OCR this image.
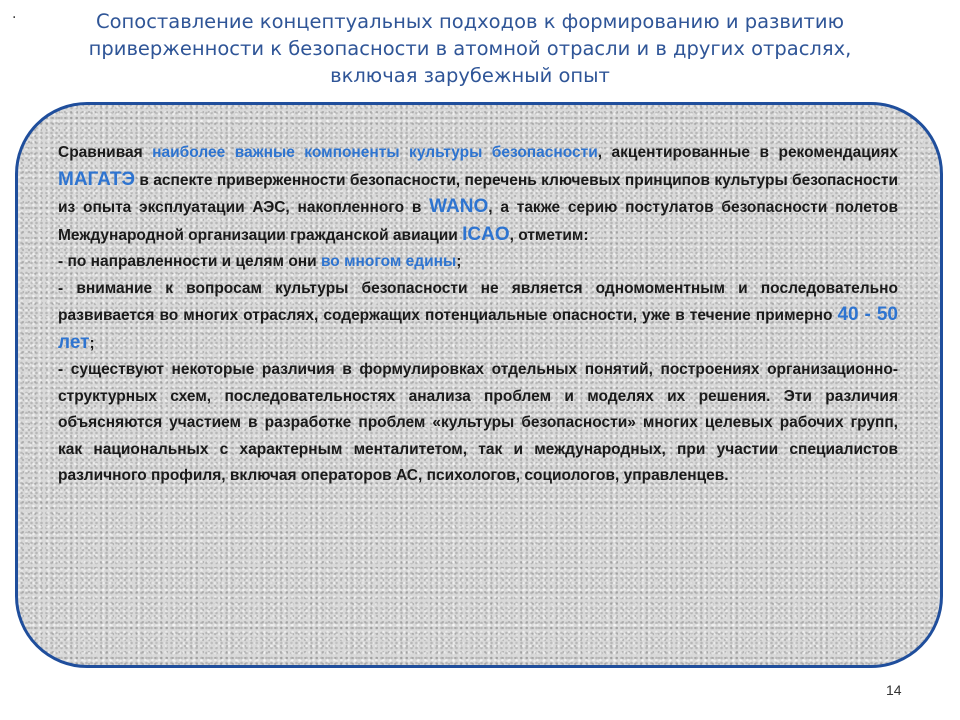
·	Сопоставление концептуальных подходов к формированию и развитию
приверженности к безопасности в атомной отрасли и в других отраслях,
включая зарубежный опыт

Сравнивая наиболее важные компоненты культуры безопасности, акцентированные в рекомендациях МАГАТЭ в аспекте приверженности безопасности, перечень ключевых принципов культуры безопасности из опыта эксплуатации АЭС, накопленного в WANO, а также серию постулатов безопасности полетов Международной организации гражданской авиации ICAO, отметим:

- по направленности и целям они во многом едины;

- внимание к вопросам культуры безопасности не является одномоментным и последовательно развивается во многих отраслях, содержащих потенциальные опасности, уже в течение примерно 40 - 50 лет;

- существуют некоторые различия в формулировках отдельных понятий, построениях организационно-структурных схем, последовательностях анализа проблем и моделях их решения. Эти различия объясняются участием в разработке проблем «культуры безопасности» многих целевых рабочих групп, как национальных с характерным менталитетом, так и международных, при участии специалистов различного профиля, включая операторов АС, психологов, социологов, управленцев.

14
